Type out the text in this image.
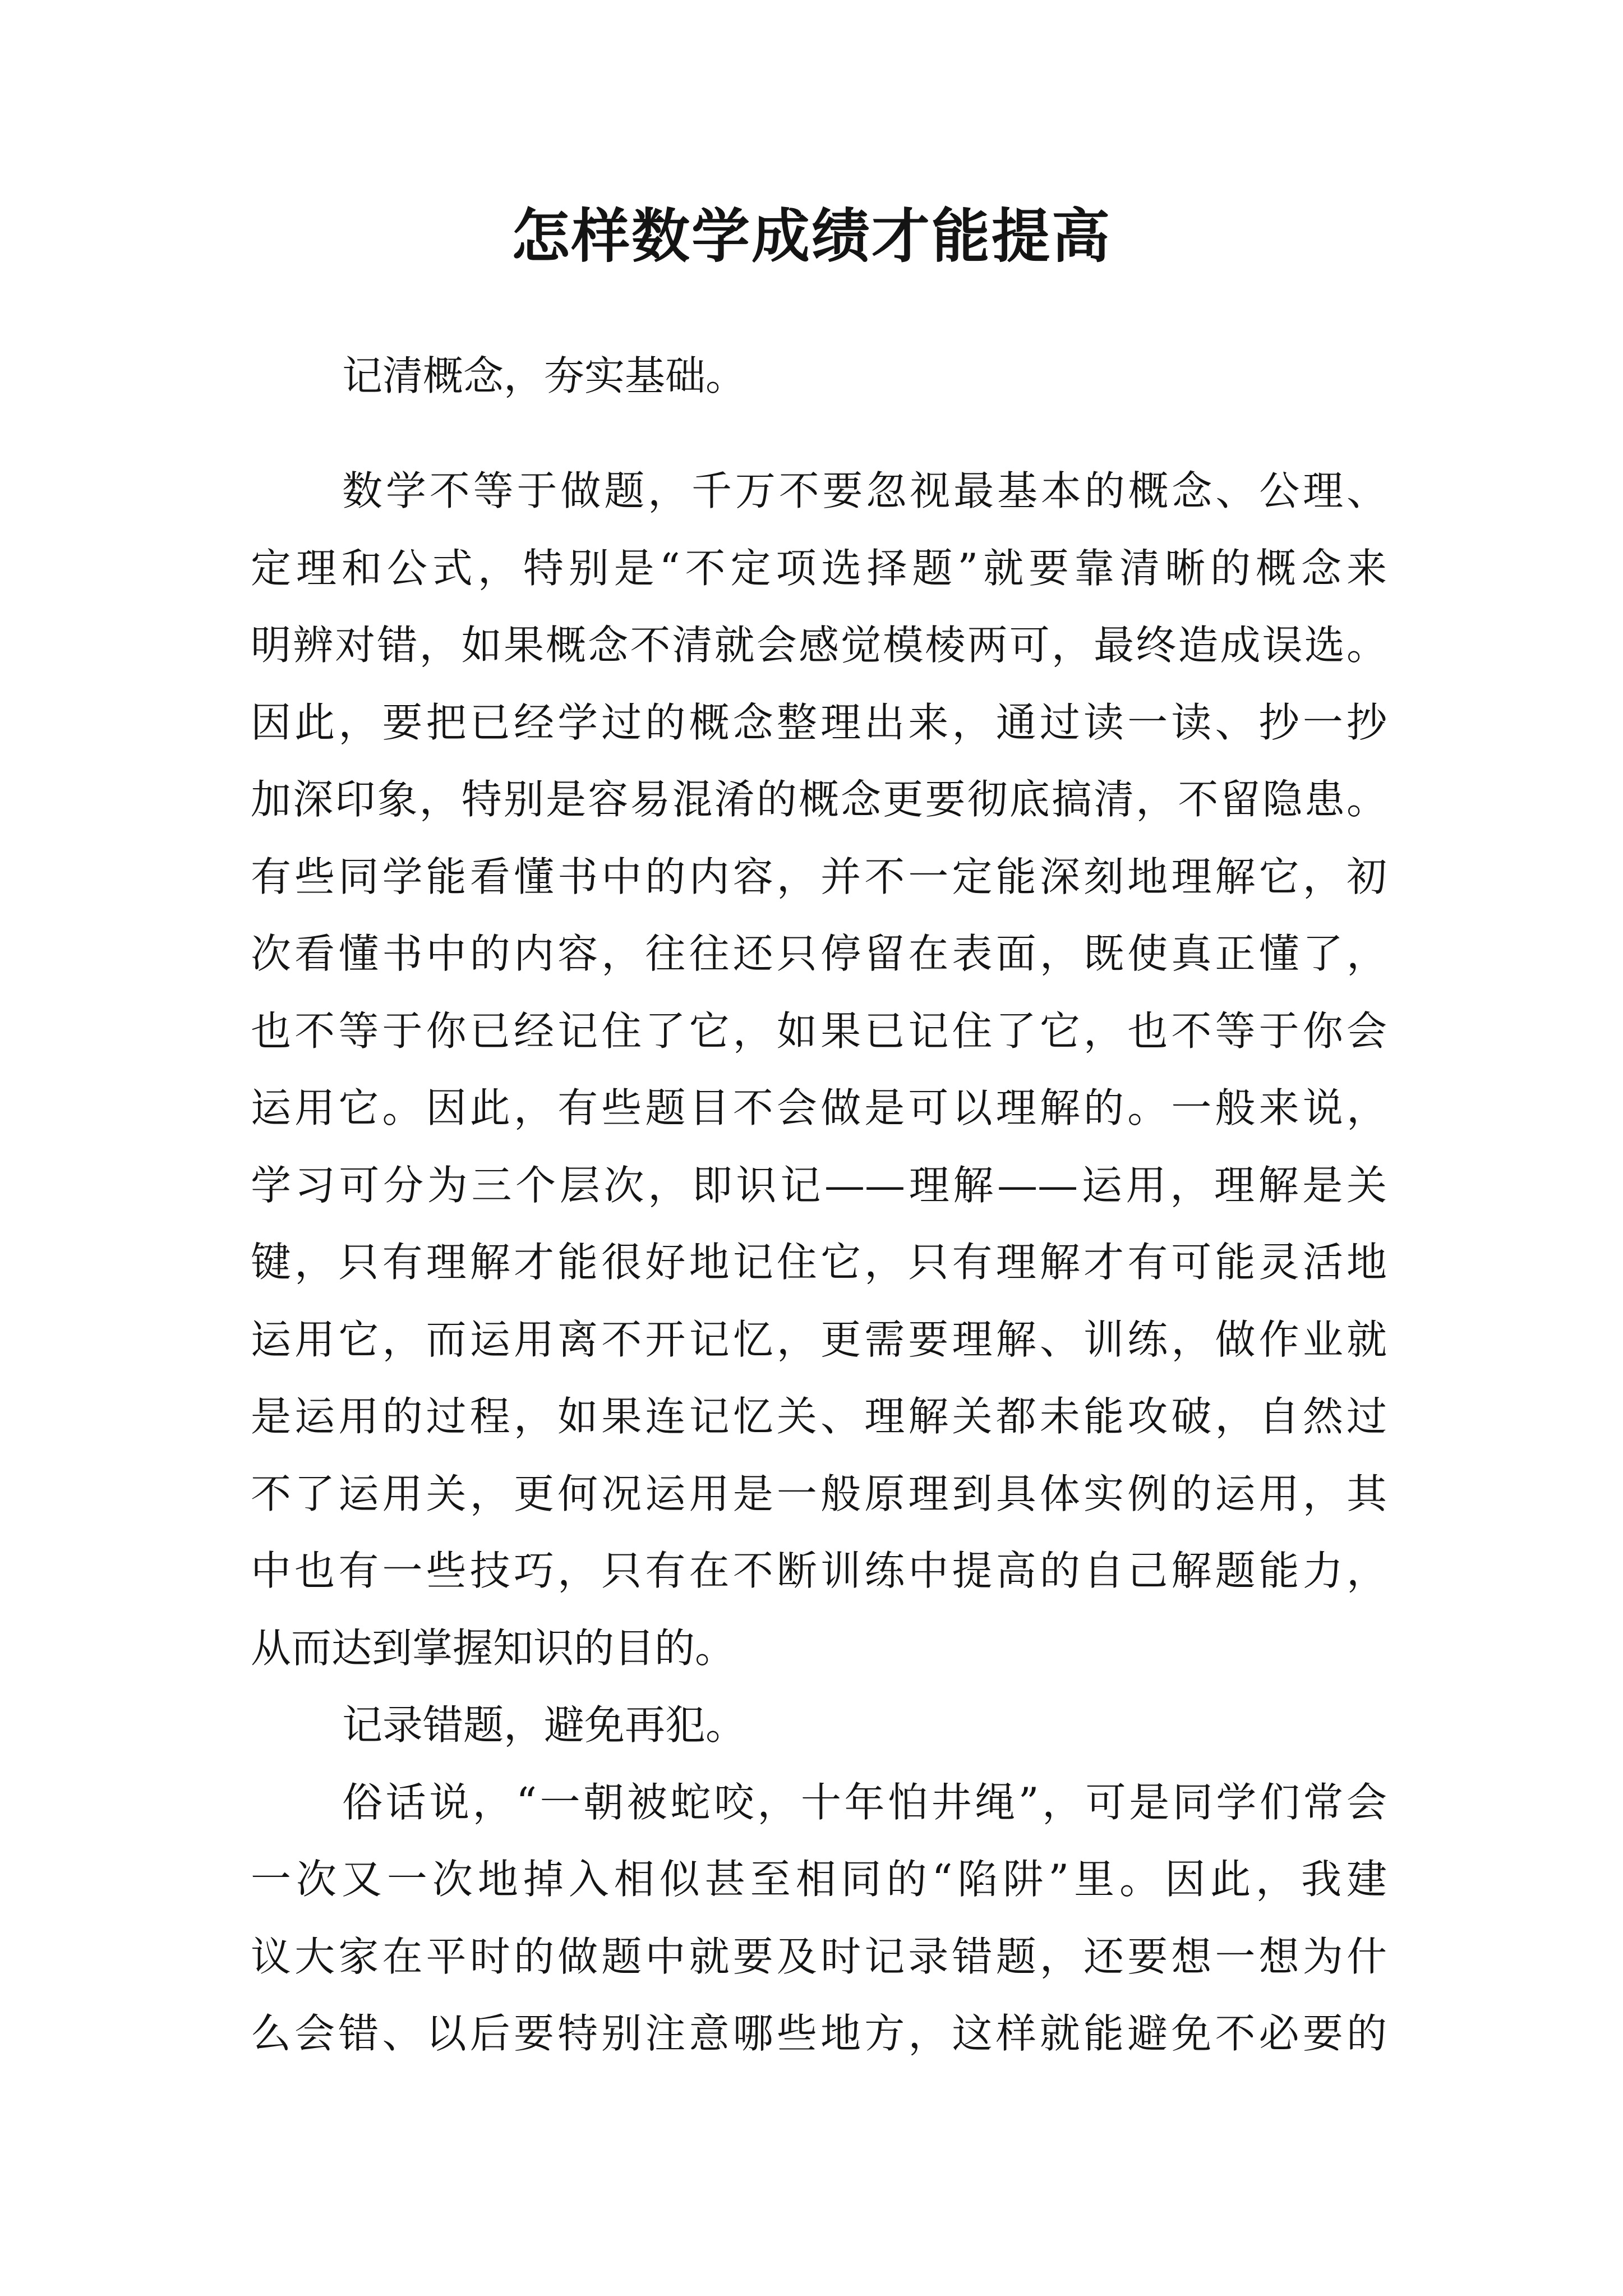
怎样数学成绩才能提高
记清概念，夯实基础。
数学不等于做题，千万不要忽视最基本的概念、公理、
定理和公式，特别是“不定项选择题”就要靠清晰的概念来
明辨对错，如果概念不清就会感觉模棱两可，最终造成误选。
因此，要把已经学过的概念整理出来，通过读一读、抄一抄
加深印象，特别是容易混淆的概念更要彻底搞清，不留隐患。
有些同学能看懂书中的内容，并不一定能深刻地理解它，初
次看懂书中的内容，往往还只停留在表面，既使真正懂了，
也不等于你已经记住了它，如果已记住了它，也不等于你会
运用它。因此，有些题目不会做是可以理解的。一般来说，
学习可分为三个层次，即识记——理解——运用，理解是关
键，只有理解才能很好地记住它，只有理解才有可能灵活地
运用它，而运用离不开记忆，更需要理解、训练，做作业就
是运用的过程，如果连记忆关、理解关都未能攻破，自然过
不了运用关，更何况运用是一般原理到具体实例的运用，其
中也有一些技巧，只有在不断训练中提高的自己解题能力，
从而达到掌握知识的目的。
记录错题，避免再犯。
俗话说，“一朝被蛇咬，十年怕井绳”，可是同学们常会
一次又一次地掉入相似甚至相同的“陷阱”里。因此，我建
议大家在平时的做题中就要及时记录错题，还要想一想为什
么会错、以后要特别注意哪些地方，这样就能避免不必要的
